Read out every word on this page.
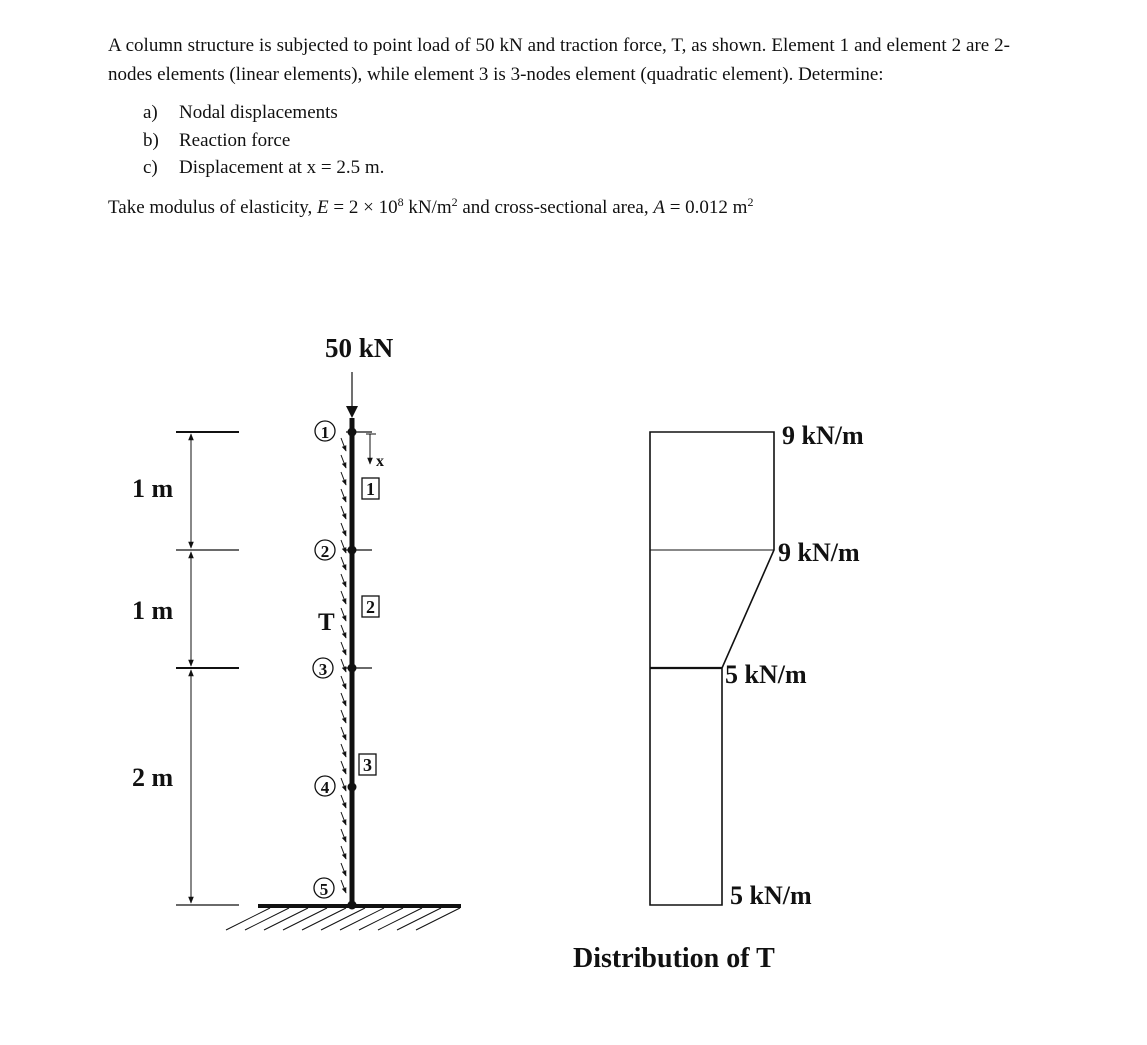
A column structure is subjected to point load of 50 kN and traction force, T, as shown. Element 1 and element 2 are 2-nodes elements (linear elements), while element 3 is 3-nodes element (quadratic element). Determine:

a) Nodal displacements
b) Reaction force
c) Displacement at x = 2.5 m.

Take modulus of elasticity, $E = 2 \times 10^8$ $kN/m^2$ and cross-sectional area, A = 0.012 $m^2$

50 kN
1
2
3
4
5
1
2
3
x
T
1 m
1 m
2 m
9 kN/m
9 kN/m
5 kN/m
5 kN/m
Distribution of T
